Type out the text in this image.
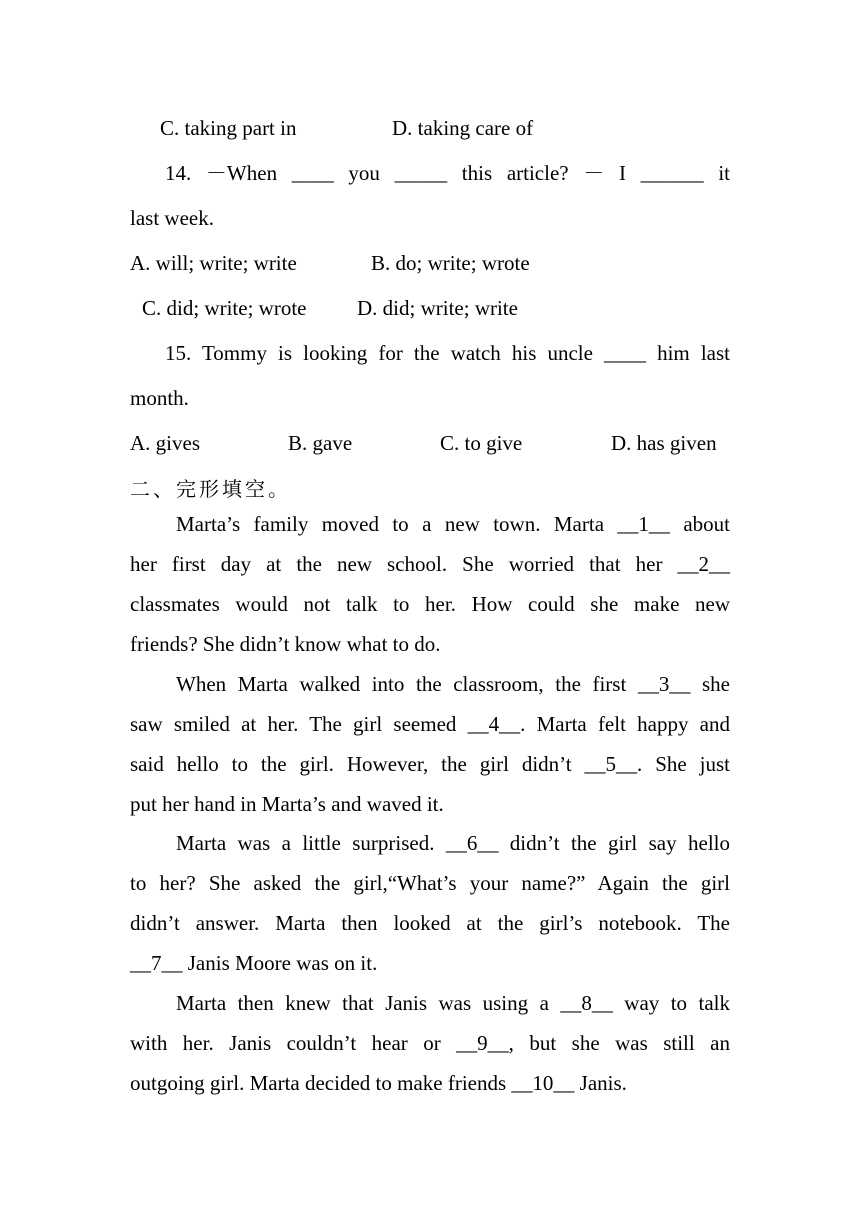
C. taking part in	D. taking care of
14. －When ____ you _____ this article? － I ______ it
last week.
A. will; write; write	B. do; write; wrote
C. did; write; wrote D. did; write; write
15. Tommy is looking for the watch his uncle ____ him last
month.
A. gives	B. gave	C. to give	D. has given
二、完形填空。
Marta’s family moved to a new town. Marta __1__ about
her first day at the new school. She worried that her __2__
classmates would not talk to her. How could she make new
friends? She didn’t know what to do.
When Marta walked into the classroom, the first __3__ she
saw smiled at her. The girl seemed __4__. Marta felt happy and
said hello to the girl. However, the girl didn’t __5__. She just
put her hand in Marta’s and waved it.
Marta was a little surprised. __6__ didn’t the girl say hello
to her? She asked the girl,“What’s your name?” Again the girl
didn’t answer. Marta then looked at the girl’s notebook. The
__7__ Janis Moore was on it.
Marta then knew that Janis was using a __8__ way to talk
with her. Janis couldn’t hear or __9__, but she was still an
outgoing girl. Marta decided to make friends __10__ Janis.
